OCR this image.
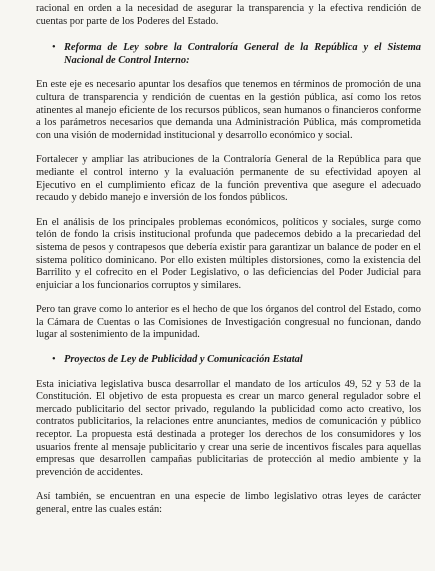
racional en orden a la necesidad de asegurar la transparencia y la efectiva rendición de cuentas por parte de los Poderes del Estado.

• Reforma de Ley sobre la Contraloría General de la República y el Sistema Nacional de Control Interno:

En este eje es necesario apuntar los desafíos que tenemos en términos de promoción de una cultura de transparencia y rendición de cuentas en la gestión pública, así como los retos atinentes al manejo eficiente de los recursos públicos, sean humanos o financieros conforme a los parámetros necesarios que demanda una Administración Pública, más comprometida con una visión de modernidad institucional y desarrollo económico y social.

Fortalecer y ampliar las atribuciones de la Contraloría General de la República para que mediante el control interno y la evaluación permanente de su efectividad apoyen al Ejecutivo en el cumplimiento eficaz de la función preventiva que asegure el adecuado recaudo y debido manejo e inversión de los fondos públicos.

En el análisis de los principales problemas económicos, políticos y sociales, surge como telón de fondo la crisis institucional profunda que padecemos debido a la precariedad del sistema de pesos y contrapesos que debería existir para garantizar un balance de poder en el sistema político dominicano. Por ello existen múltiples distorsiones, como la existencia del Barrilito y el cofrecito en el Poder Legislativo, o las deficiencias del Poder Judicial para enjuiciar a los funcionarios corruptos y similares.

Pero tan grave como lo anterior es el hecho de que los órganos del control del Estado, como la Cámara de Cuentas o las Comisiones de Investigación congresual no funcionan, dando lugar al sostenimiento de la impunidad.

• Proyectos de Ley de Publicidad y Comunicación Estatal

Esta iniciativa legislativa busca desarrollar el mandato de los artículos 49, 52 y 53 de la Constitución. El objetivo de esta propuesta es crear un marco general regulador sobre el mercado publicitario del sector privado, regulando la publicidad como acto creativo, los contratos publicitarios, la relaciones entre anunciantes, medios de comunicación y público receptor. La propuesta está destinada a proteger los derechos de los consumidores y los usuarios frente al mensaje publicitario y crear una serie de incentivos fiscales para aquellas empresas que desarrollen campañas publicitarias de protección al medio ambiente y la prevención de accidentes.

Así también, se encuentran en una especie de limbo legislativo otras leyes de carácter general, entre las cuales están:
